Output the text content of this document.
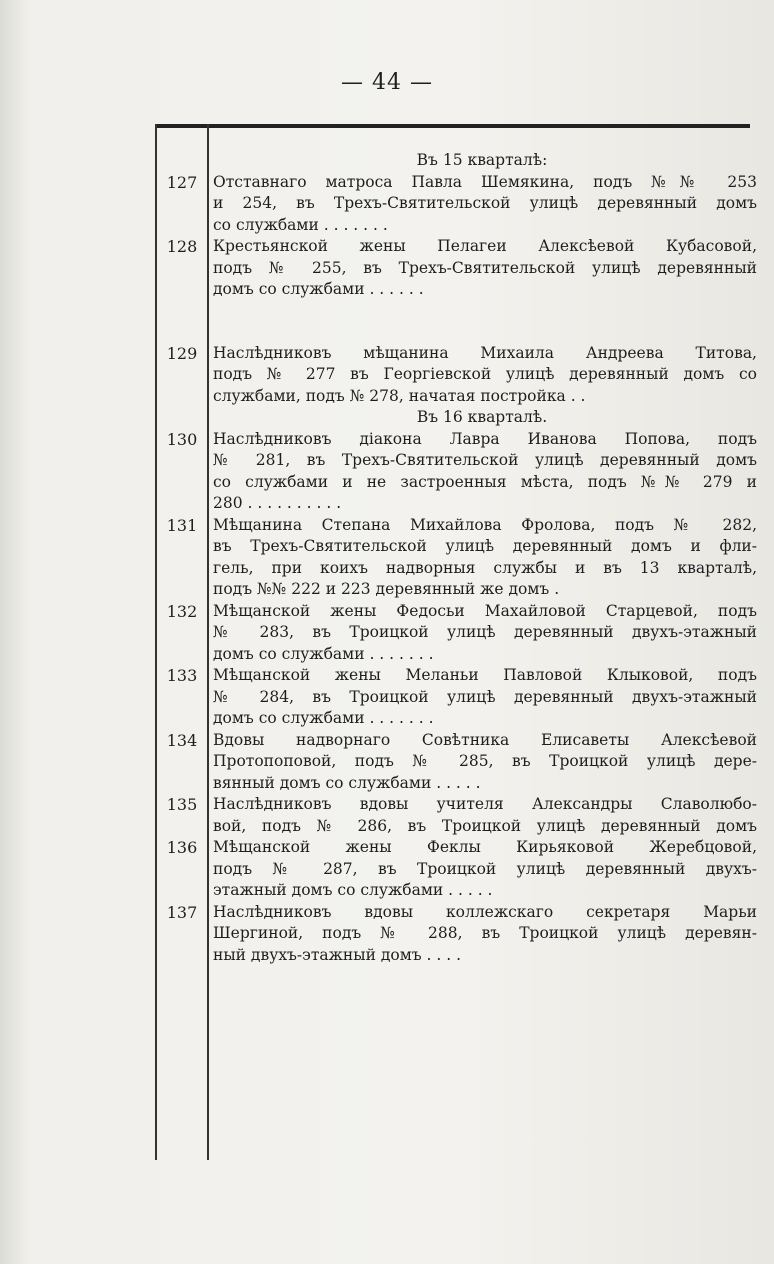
— 44 —
Въ 15 кварталѣ:
127	Отставнаго матроса Павла Шемякина, подъ №№ 253
и 254, въ Трехъ-Святительской улицѣ деревянный домъ
со службами . . . . . . .
128	Крестьянской жены Пелагеи Алексѣевой Кубасовой,
подъ № 255, въ Трехъ-Святительской улицѣ деревянный
домъ со службами . . . . . .
129	Наслѣдниковъ мѣщанина Михаила Андреева Титова,
подъ № 277 въ Георгіевской улицѣ деревянный домъ со
службами, подъ № 278, начатая постройка . .
Въ 16 кварталѣ.
130	Наслѣдниковъ діакона Лавра Иванова Попова, подъ
№ 281, въ Трехъ-Святительской улицѣ деревянный домъ
со службами и не застроенныя мѣста, подъ №№ 279 и
280 . . . . . . . . . .
131	Мѣщанина Степана Михайлова Фролова, подъ № 282,
въ Трехъ-Святительской улицѣ деревянный домъ и фли-
гель, при коихъ надворныя службы и въ 13 кварталѣ,
подъ №№ 222 и 223 деревянный же домъ .
132	Мѣщанской жены Федосьи Махайловой Старцевой, подъ
№ 283, въ Троицкой улицѣ деревянный двухъ-этажный
домъ со службами . . . . . . .
133	Мѣщанской жены Меланьи Павловой Клыковой, подъ
№ 284, въ Троицкой улицѣ деревянный двухъ-этажный
домъ со службами . . . . . . .
134	Вдовы надворнаго Совѣтника Елисаветы Алексѣевой
Протопоповой, подъ № 285, въ Троицкой улицѣ дере-
вянный домъ со службами . . . . .
135	Наслѣдниковъ вдовы учителя Александры Славолюбо-
вой, подъ № 286, въ Троицкой улицѣ деревянный домъ
136	Мѣщанской жены Феклы Кирьяковой Жеребцовой,
подъ № 287, въ Троицкой улицѣ деревянный двухъ-
этажный домъ со службами . . . . .
137	Наслѣдниковъ вдовы коллежскаго секретаря Марьи
Шергиной, подъ № 288, въ Троицкой улицѣ деревян-
ный двухъ-этажный домъ . . . .
